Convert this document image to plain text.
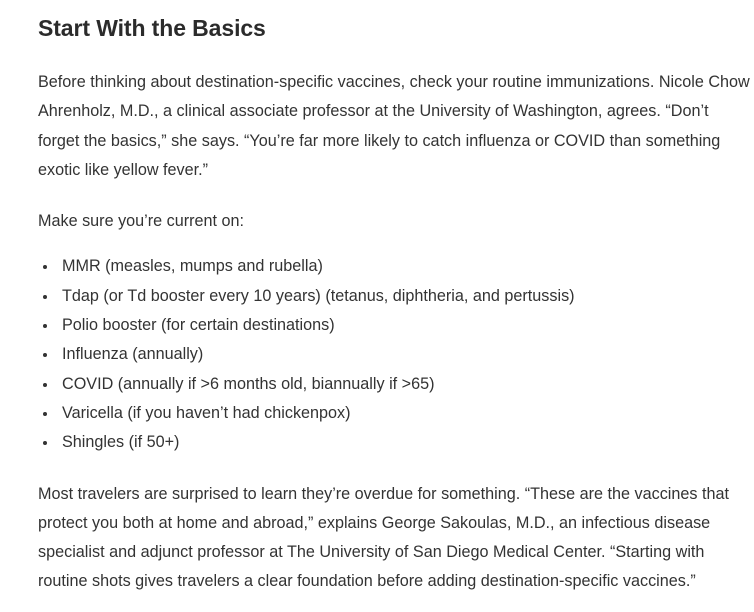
Start With the Basics

Before thinking about destination-specific vaccines, check your routine immunizations. Nicole Chow Ahrenholz, M.D., a clinical associate professor at the University of Washington, agrees. “Don’t forget the basics,” she says. “You’re far more likely to catch influenza or COVID than something exotic like yellow fever.”

Make sure you’re current on:

MMR (measles, mumps and rubella)
Tdap (or Td booster every 10 years) (tetanus, diphtheria, and pertussis)
Polio booster (for certain destinations)
Influenza (annually)
COVID (annually if >6 months old, biannually if >65)
Varicella (if you haven’t had chickenpox)
Shingles (if 50+)

Most travelers are surprised to learn they’re overdue for something. “These are the vaccines that protect you both at home and abroad,” explains George Sakoulas, M.D., an infectious disease specialist and adjunct professor at The University of San Diego Medical Center. “Starting with routine shots gives travelers a clear foundation before adding destination-specific vaccines.”
